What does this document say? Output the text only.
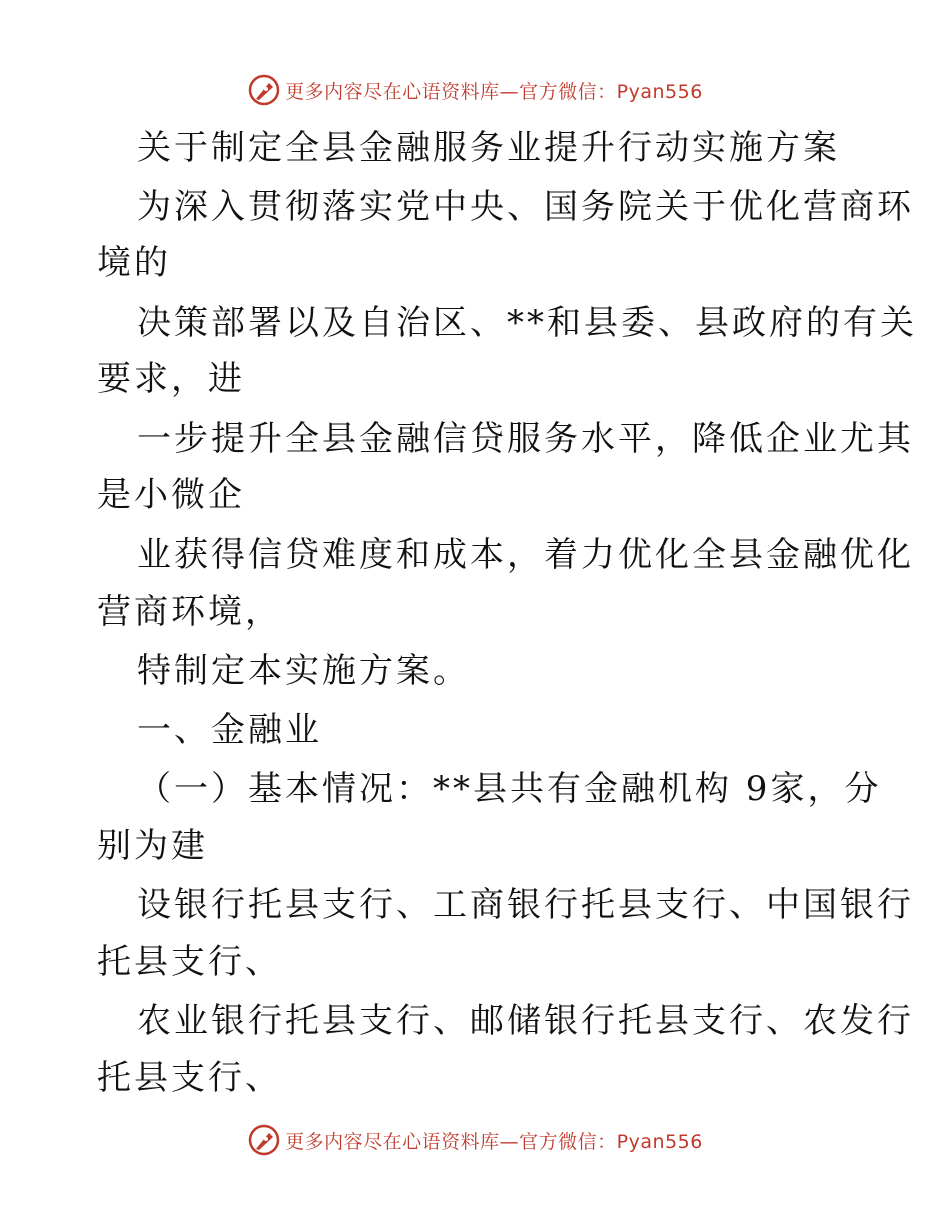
更多内容尽在心语资料库—官方微信：Pyan556
关于制定全县金融服务业提升行动实施方案
为深入贯彻落实党中央、国务院关于优化营商环
境的
决策部署以及自治区、**和县委、县政府的有关
要求，进
一步提升全县金融信贷服务水平，降低企业尤其
是小微企
业获得信贷难度和成本，着力优化全县金融优化
营商环境，
特制定本实施方案。
一、金融业
（一）基本情况：**县共有金融机构 9家，分
别为建
设银行托县支行、工商银行托县支行、中国银行
托县支行、
农业银行托县支行、邮储银行托县支行、农发行
托县支行、
更多内容尽在心语资料库—官方微信：Pyan556
